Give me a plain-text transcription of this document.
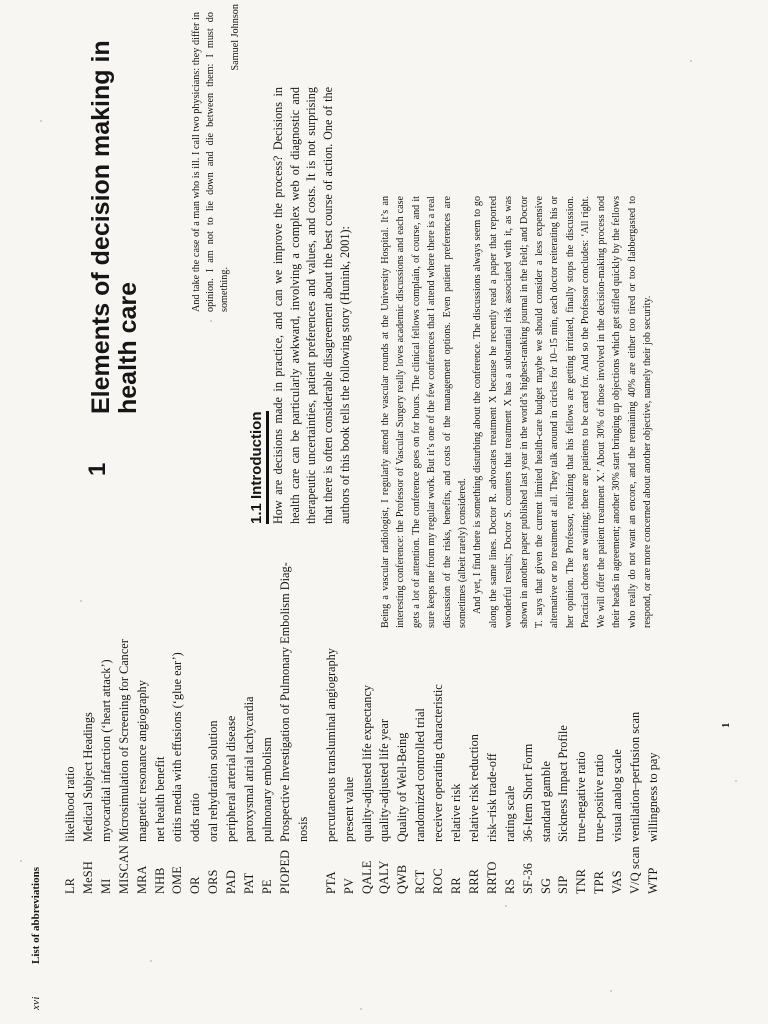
xvi
List of abbreviations LR
likelihood ratio
MeSH
Medical Subject Headings
MI
myocardial infarction (‘heart attack’)
MISCAN
Microsimulation of Screening for Cancer
MRA
magnetic resonance angiography
NHB
net health benefit
OME
otitis media with effusions (‘glue ear’)
OR
odds ratio
ORS
oral rehydration solution
PAD
peripheral arterial disease
PAT
paroxysmal atrial tachycardia
PE
pulmonary embolism
PIOPED
Prospective Investigation of Pulmonary Embolism Diag- nosis
PTA
percutaneous transluminal angiography
PV
present value
QALE
quality-adjusted life expectancy
QALY
quality-adjusted life year
QWB
Quality of Well-Being
RCT
randomized controlled trial
ROC
receiver operating characteristic
RR
relative risk
RRR
relative risk reduction
RRTO
risk–risk trade-off
RS
rating scale
SF-36
36-Item Short Form
SG
standard gamble
SIP
Sickness Impact Profile
TNR
true-negative ratio
TPR
true-positive ratio
VAS
visual analog scale
V/Q scan
ventilation–perfusion scan
WTP
willingness to pay
1
Elements of decision making in health care
And take the case of a man who is ill. I call two physicians: they differ in opinion. I am not to lie down and die between them: I must do something.
Samuel Johnson
1.1 Introduction How are decisions made in practice, and can we improve the process? Decisions in health care can be particularly awkward, involving a complex web of diagnostic and therapeutic uncertainties, patient preferences and values, and costs. It is not surprising that there is often considerable disagreement about the best course of action. One of the authors of this book tells the following story (Hunink, 2001):	Being a vascular radiologist, I regularly attend the vascular rounds at the University Hospital. It’s an interesting conference: the Professor of Vascular Surgery really loves academic discussions and each case gets a lot of attention. The conference goes on for hours. The clinical fellows complain, of course, and it sure keeps me from my regular work. But it’s one of the few conferences that I attend where there is a real discussion of the risks, benefits, and costs of the management options. Even patient preferences are sometimes (albeit rarely) considered. And yet, I find there is something disturbing about the conference. The discussions always seem to go along the same lines. Doctor R. advocates treatment X because he recently read a paper that reported wonderful results; Doctor S. counters that treatment X has a substantial risk associated with it, as was shown in another paper published last year in the world’s highest-ranking journal in the field; and Doctor T. says that given the current limited health-care budget maybe we should consider a less expensive alternative or no treatment at all. They talk around in circles for 10–15 min, each doctor reiterating his or her opinion. The Professor, realizing that his fellows are getting irritated, finally stops the discussion. Practical chores are waiting; there are patients to be cared for. And so the Professor concludes: ‘All right. We will offer the patient treatment X.’ About 30% of those involved in the decision-making process nod their heads in agreement; another 30% start bringing up objections which get stifled quickly by the fellows who really do not want an encore, and the remaining 40% are either too tired or too flabbergasted to respond, or are more concerned about another objective, namely their job security.

1
